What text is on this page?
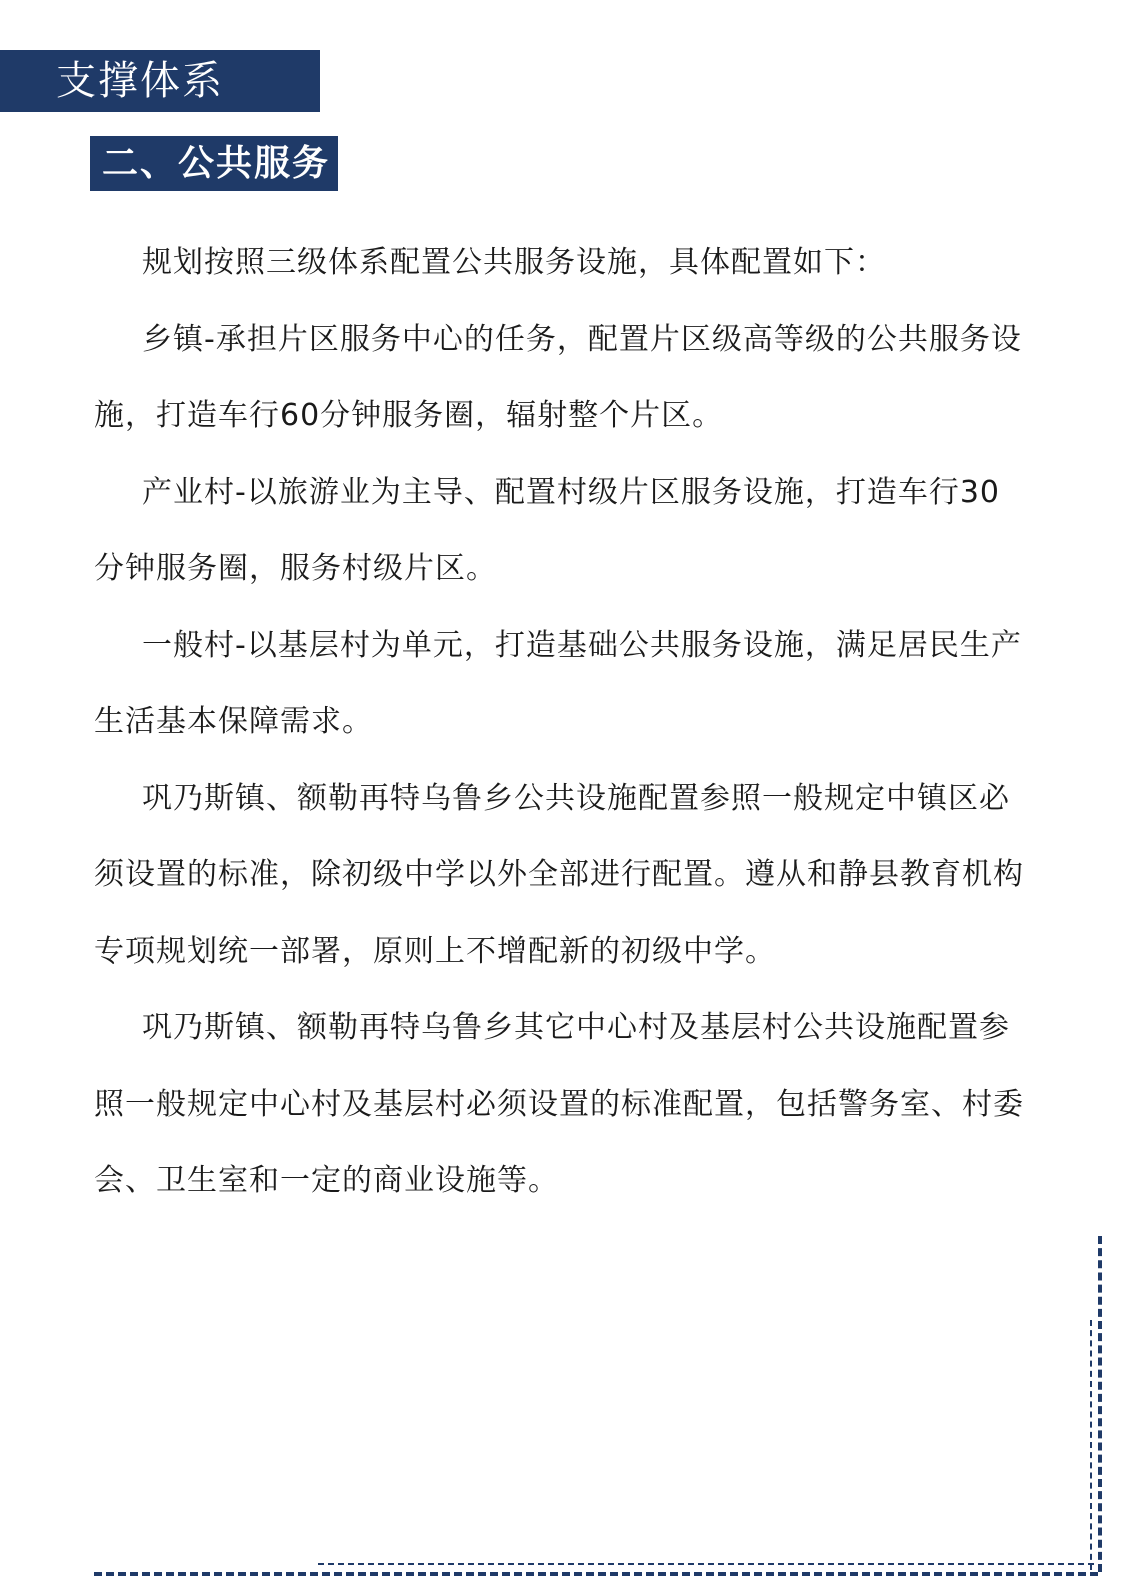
支撑体系
二、公共服务

规划按照三级体系配置公共服务设施，具体配置如下：

乡镇-承担片区服务中心的任务，配置片区级高等级的公共服务设施，打造车行60分钟服务圈，辐射整个片区。

产业村-以旅游业为主导、配置村级片区服务设施，打造车行30分钟服务圈，服务村级片区。

一般村-以基层村为单元，打造基础公共服务设施，满足居民生产生活基本保障需求。

巩乃斯镇、额勒再特乌鲁乡公共设施配置参照一般规定中镇区必须设置的标准，除初级中学以外全部进行配置。遵从和静县教育机构专项规划统一部署，原则上不增配新的初级中学。

巩乃斯镇、额勒再特乌鲁乡其它中心村及基层村公共设施配置参照一般规定中心村及基层村必须设置的标准配置，包括警务室、村委会、卫生室和一定的商业设施等。
